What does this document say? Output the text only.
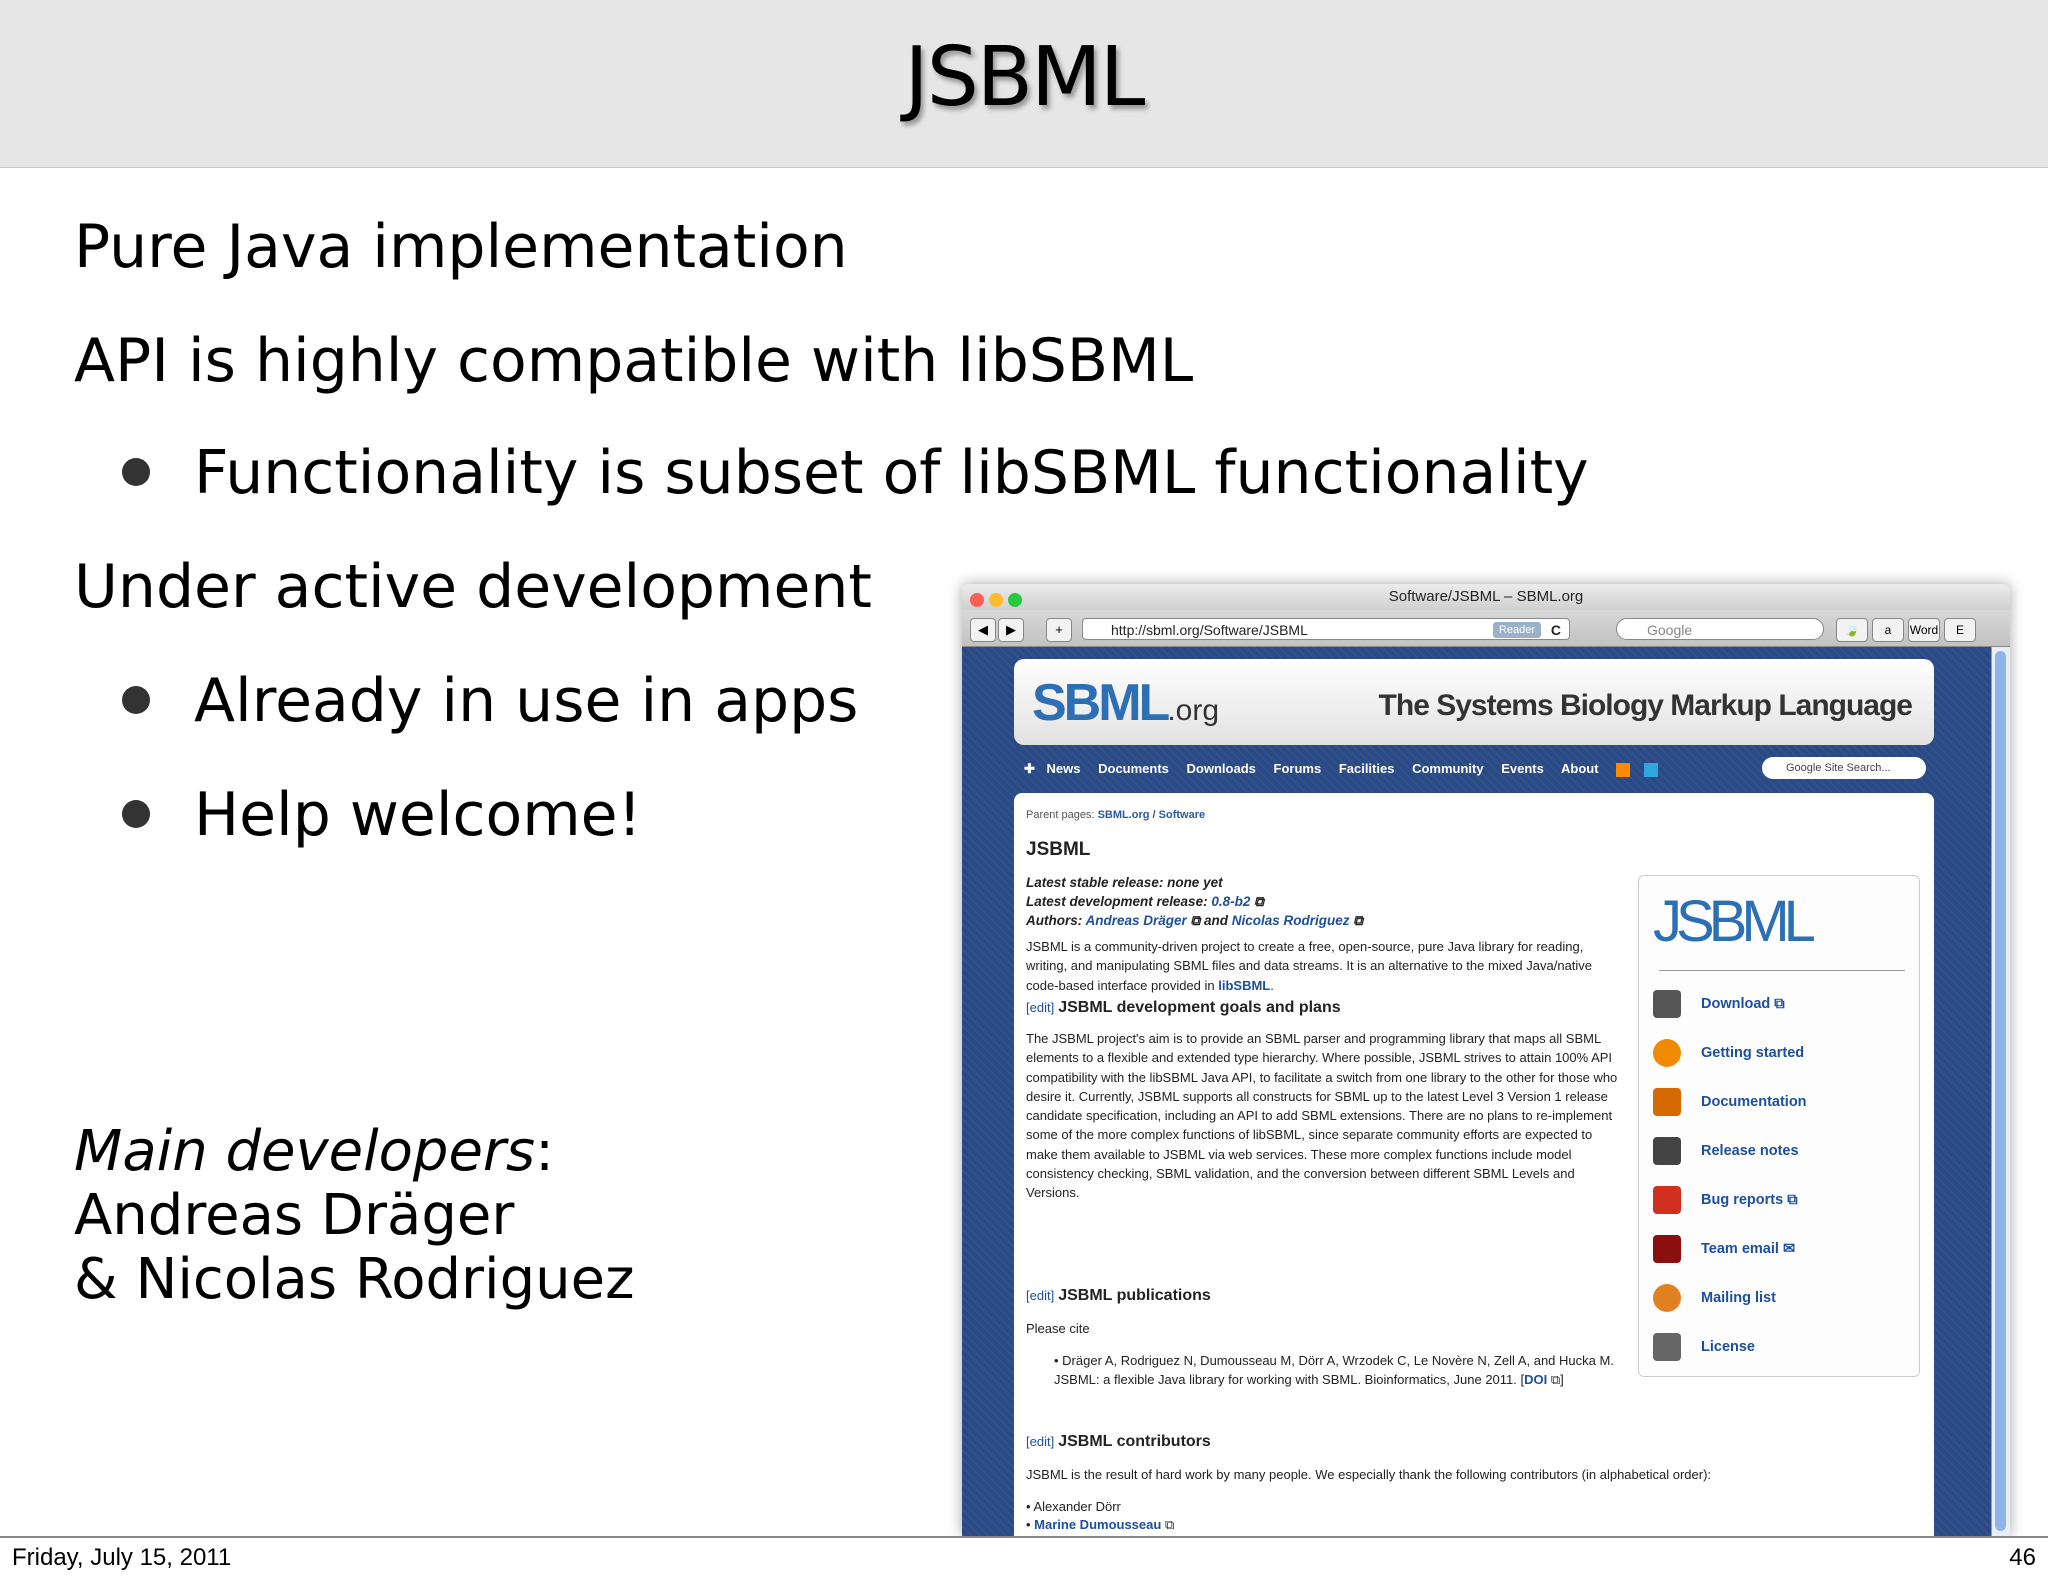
JSBML
Pure Java implementation
API is highly compatible with libSBML
Functionality is subset of libSBML functionality
Under active development
Already in use in apps
Help welcome!
Main developers:
Andreas Dräger
& Nicolas Rodriguez
Software/JSBML – SBML.org
◀	▶	+	http://sbml.org/Software/JSBML	Reader	C	Google	🍃	a	Word	E
SBML.org	The Systems Biology Markup Language
✚ News Documents Downloads Forums Facilities Community Events About	Google Site Search...
Parent pages: SBML.org / Software
JSBML
Latest stable release: none yet
Latest development release: 0.8-b2 ⧉
Authors: Andreas Dräger ⧉ and Nicolas Rodriguez ⧉
JSBML is a community-driven project to create a free, open-source, pure Java library for reading, writing, and manipulating SBML files and data streams. It is an alternative to the mixed Java/native code-based interface provided in libSBML.
[edit] JSBML development goals and plans
The JSBML project's aim is to provide an SBML parser and programming library that maps all SBML elements to a flexible and extended type hierarchy. Where possible, JSBML strives to attain 100% API compatibility with the libSBML Java API, to facilitate a switch from one library to the other for those who desire it. Currently, JSBML supports all constructs for SBML up to the latest Level 3 Version 1 release candidate specification, including an API to add SBML extensions. There are no plans to re-implement some of the more complex functions of libSBML, since separate community efforts are expected to make them available to JSBML via web services. These more complex functions include model consistency checking, SBML validation, and the conversion between different SBML Levels and Versions.
[edit] JSBML publications
Please cite
• Dräger A, Rodriguez N, Dumousseau M, Dörr A, Wrzodek C, Le Novère N, Zell A, and Hucka M. JSBML: a flexible Java library for working with SBML. Bioinformatics, June 2011. [DOI ⧉]
[edit] JSBML contributors
JSBML is the result of hard work by many people. We especially thank the following contributors (in alphabetical order):
• Alexander Dörr
• Marine Dumousseau ⧉
JSBML
Download ⧉
Getting started
Documentation
Release notes
Bug reports ⧉
Team email ✉
Mailing list
License
Friday, July 15, 2011	46
